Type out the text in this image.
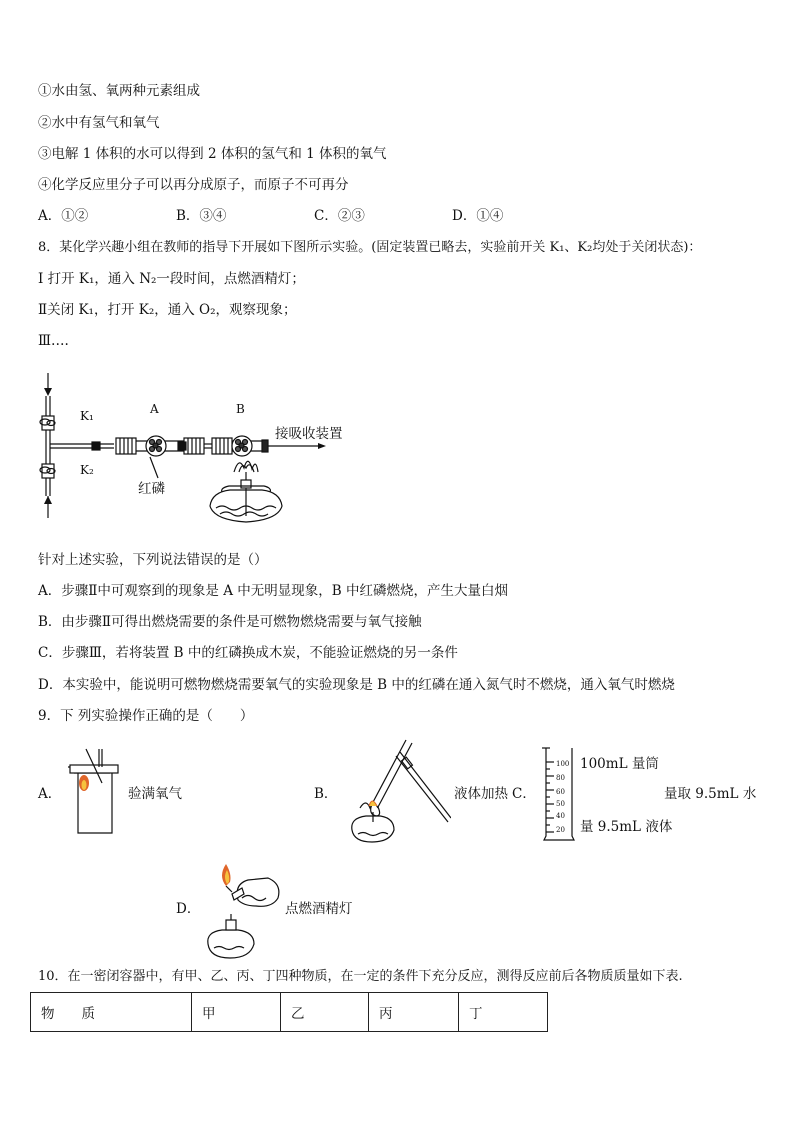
①水由氢、氧两种元素组成
②水中有氢气和氧气
③电解 1 体积的水可以得到 2 体积的氢气和 1 体积的氧气
④化学反应里分子可以再分成原子，而原子不可再分
A．①②	B．③④	C．②③	D．①④
8．某化学兴趣小组在教师的指导下开展如下图所示实验。(固定装置已略去，实验前开关 K₁、K₂均处于关闭状态)：
I 打开 K₁，通入 N₂一段时间，点燃酒精灯；
Ⅱ关闭 K₁，打开 K₂，通入 O₂，观察现象；
Ⅲ….
K₁
K₂
A	B
接吸收装置
红磷
针对上述实验，下列说法错误的是（）
A．步骤Ⅱ中可观察到的现象是 A 中无明显现象，B 中红磷燃烧，产生大量白烟
B．由步骤Ⅱ可得出燃烧需要的条件是可燃物燃烧需要与氧气接触
C．步骤Ⅲ，若将装置 B 中的红磷换成木炭，不能验证燃烧的另一条件
D．本实验中，能说明可燃物燃烧需要氧气的实验现象是 B 中的红磷在通入氮气时不燃烧，通入氧气时燃烧
9．下 列实验操作正确的是（　　）
A．	验满氧气	B．	液体加热 C．
100
80
60
50
40
20
100mL 量筒
量取 9.5mL 水
量 9.5mL 液体
D．	点燃酒精灯
10．在一密闭容器中，有甲、乙、丙、丁四种物质，在一定的条件下充分反应，测得反应前后各物质质量如下表.
物　　质	甲	乙	丙	丁
